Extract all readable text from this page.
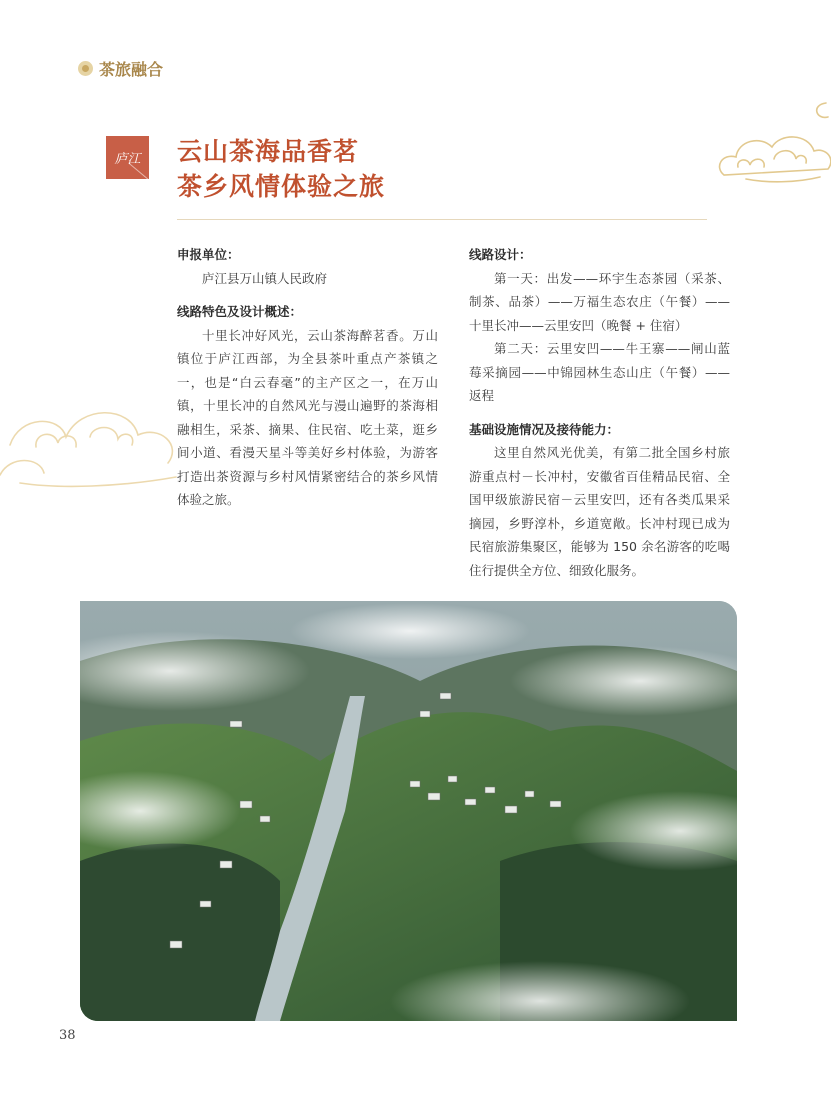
茶旅融合
庐江	云山茶海品香茗
茶乡风情体验之旅
申报单位：
庐江县万山镇人民政府
线路特色及设计概述：
十里长冲好风光，云山茶海醉茗香。万山镇位于庐江西部，为全县茶叶重点产茶镇之一，也是“白云春毫”的主产区之一，在万山镇，十里长冲的自然风光与漫山遍野的茶海相融相生，采茶、摘果、住民宿、吃土菜，逛乡间小道、看漫天星斗等美好乡村体验，为游客打造出茶资源与乡村风情紧密结合的茶乡风情体验之旅。
线路设计：
第一天：出发——环宇生态茶园（采茶、制茶、品茶）——万福生态农庄（午餐）——十里长冲——云里安凹（晚餐 + 住宿）
第二天：云里安凹——牛王寨——闸山蓝莓采摘园——中锦园林生态山庄（午餐）——返程
基础设施情况及接待能力：
这里自然风光优美，有第二批全国乡村旅游重点村－长冲村，安徽省百佳精品民宿、全国甲级旅游民宿－云里安凹，还有各类瓜果采摘园，乡野淳朴，乡道宽敞。长冲村现已成为民宿旅游集聚区，能够为 150 余名游客的吃喝住行提供全方位、细致化服务。
38
